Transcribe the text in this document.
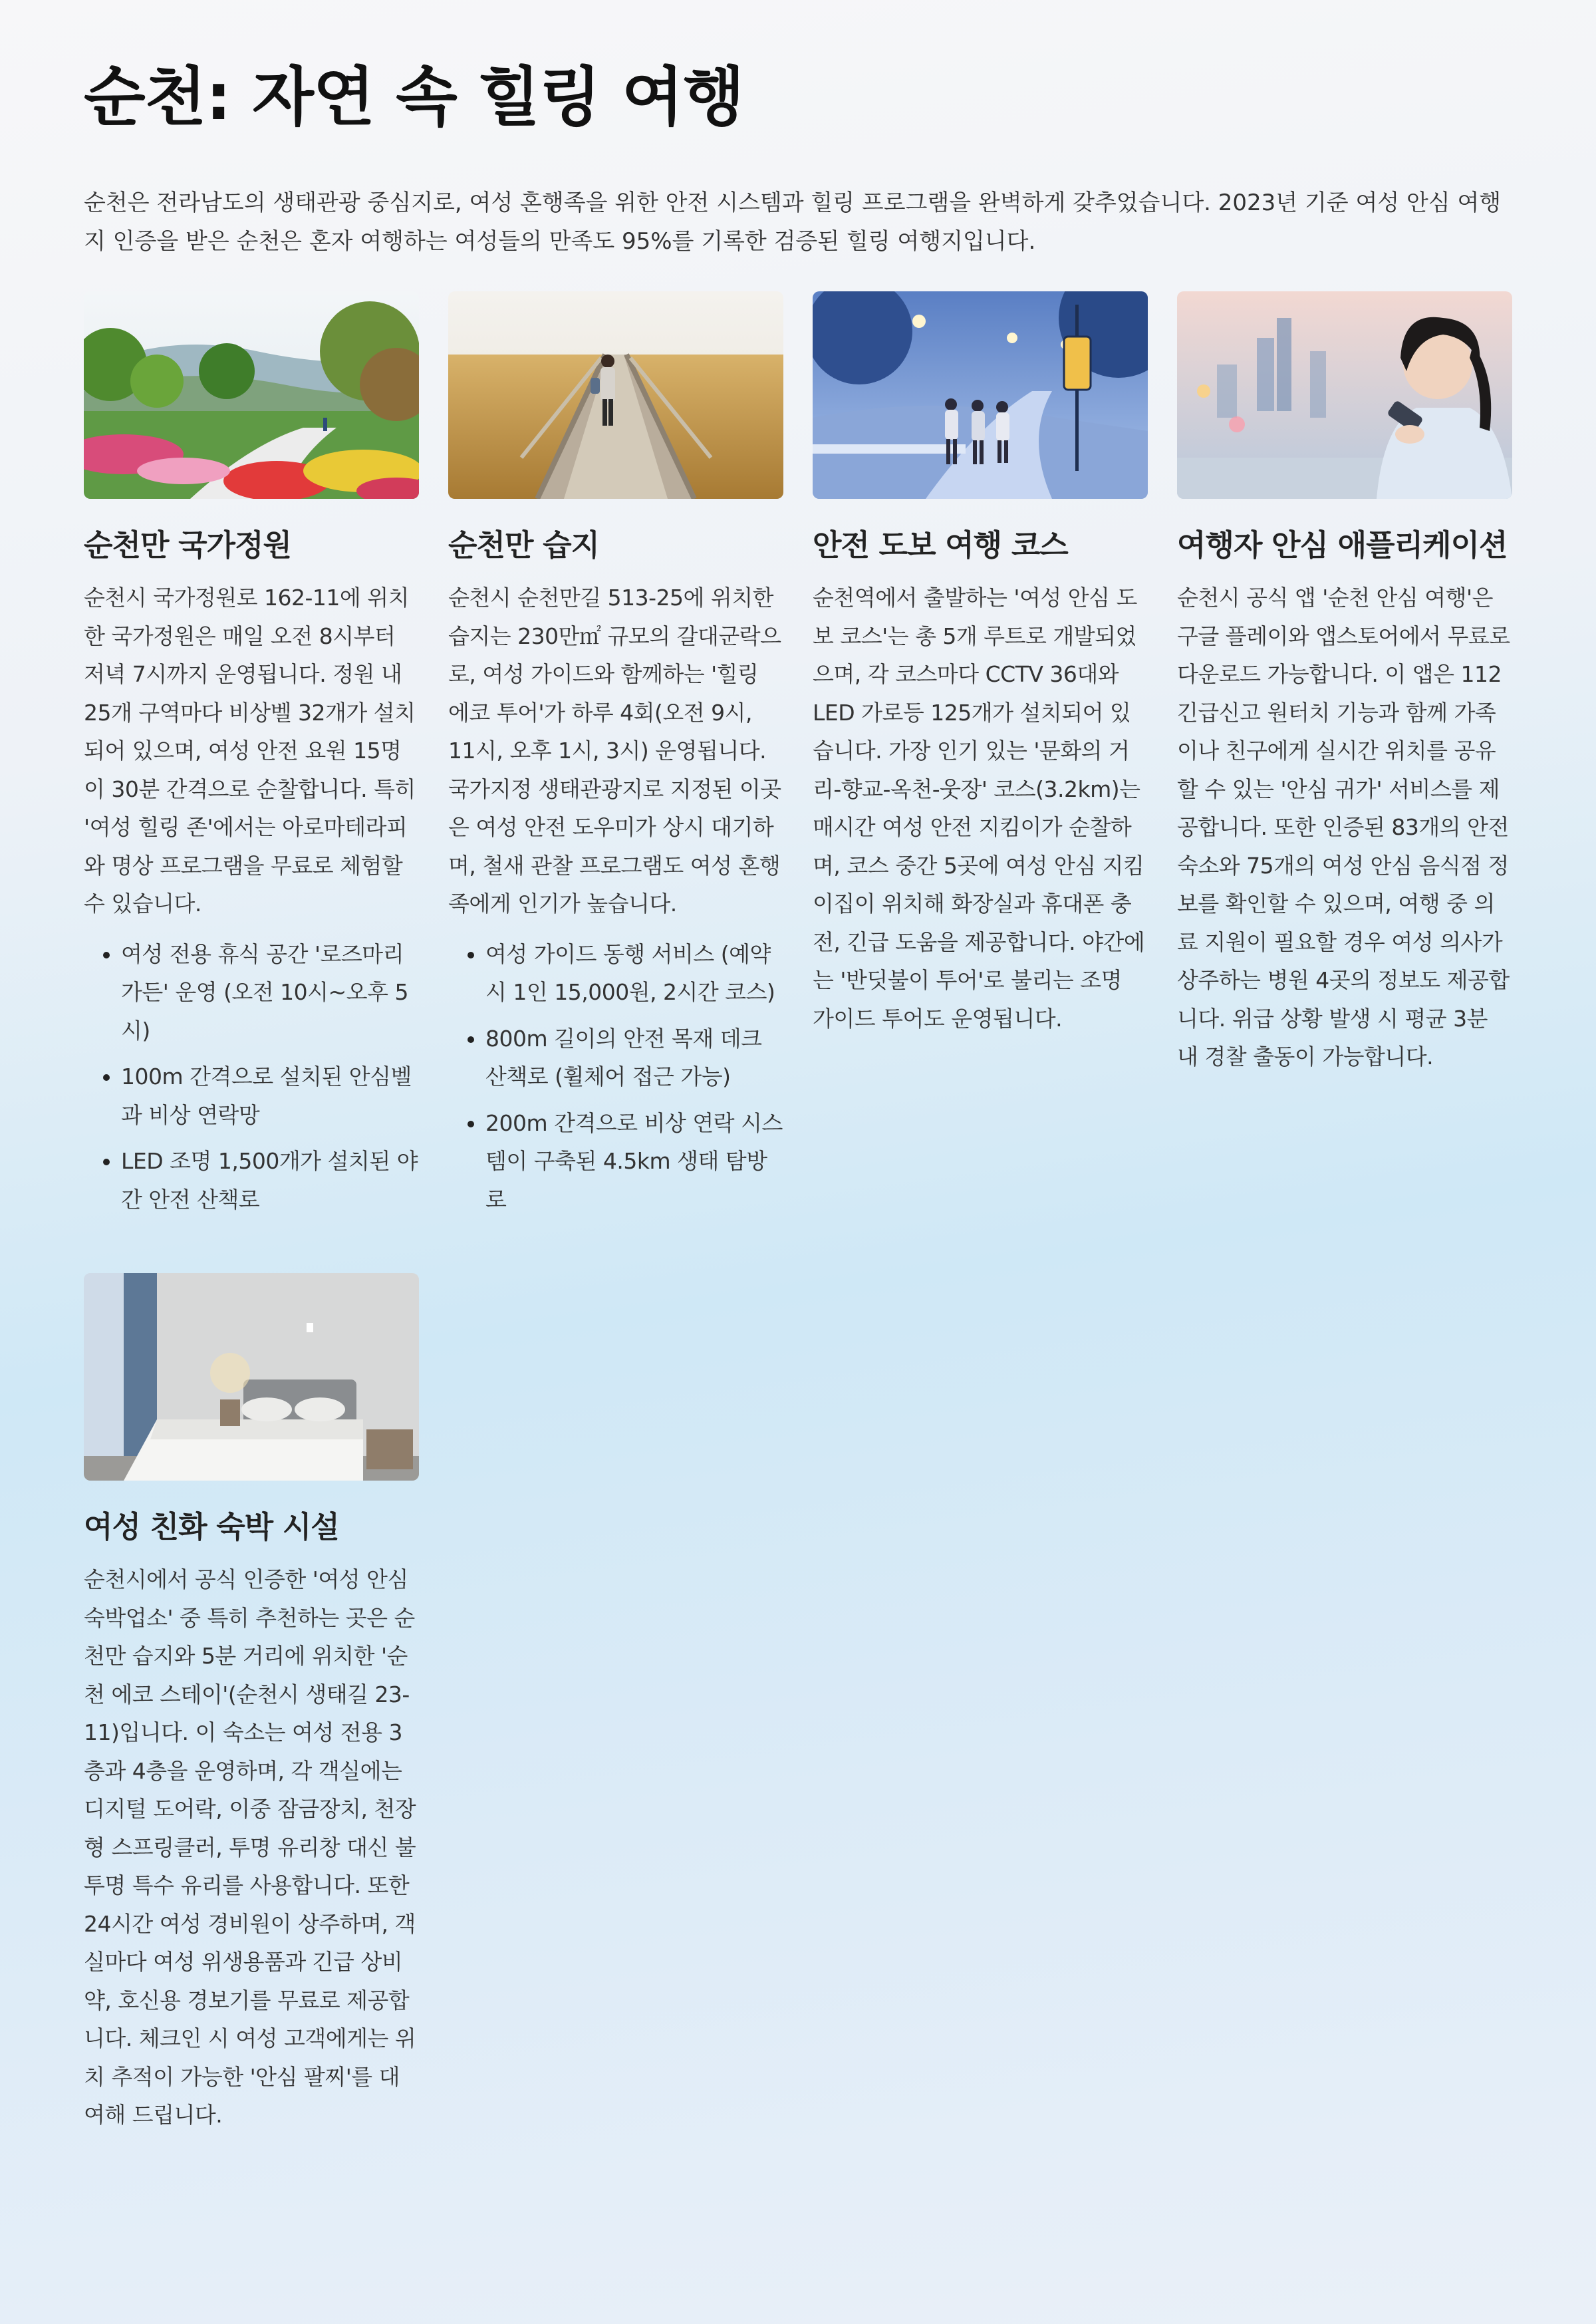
순천: 자연 속 힐링 여행

순천은 전라남도의 생태관광 중심지로, 여성 혼행족을 위한 안전 시스템과 힐링 프로그램을 완벽하게 갖추었습니다. 2023년 기준 여성 안심 여행지 인증을 받은 순천은 혼자 여행하는 여성들의 만족도 95%를 기록한 검증된 힐링 여행지입니다.

순천만 국가정원

순천시 국가정원로 162-11에 위치한 국가정원은 매일 오전 8시부터 저녁 7시까지 운영됩니다. 정원 내 25개 구역마다 비상벨 32개가 설치되어 있으며, 여성 안전 요원 15명이 30분 간격으로 순찰합니다. 특히 '여성 힐링 존'에서는 아로마테라피와 명상 프로그램을 무료로 체험할 수 있습니다.

• 여성 전용 휴식 공간 '로즈마리 가든' 운영 (오전 10시~오후 5시)
• 100m 간격으로 설치된 안심벨과 비상 연락망
• LED 조명 1,500개가 설치된 야간 안전 산책로
순천만 습지

순천시 순천만길 513-25에 위치한 습지는 230만㎡ 규모의 갈대군락으로, 여성 가이드와 함께하는 '힐링 에코 투어'가 하루 4회(오전 9시, 11시, 오후 1시, 3시) 운영됩니다. 국가지정 생태관광지로 지정된 이곳은 여성 안전 도우미가 상시 대기하며, 철새 관찰 프로그램도 여성 혼행족에게 인기가 높습니다.

• 여성 가이드 동행 서비스 (예약 시 1인 15,000원, 2시간 코스)
• 800m 길이의 안전 목재 데크 산책로 (휠체어 접근 가능)
• 200m 간격으로 비상 연락 시스템이 구축된 4.5km 생태 탐방로
안전 도보 여행 코스

순천역에서 출발하는 '여성 안심 도보 코스'는 총 5개 루트로 개발되었으며, 각 코스마다 CCTV 36대와 LED 가로등 125개가 설치되어 있습니다. 가장 인기 있는 '문화의 거리-향교-옥천-웃장' 코스(3.2km)는 매시간 여성 안전 지킴이가 순찰하며, 코스 중간 5곳에 여성 안심 지킴이집이 위치해 화장실과 휴대폰 충전, 긴급 도움을 제공합니다. 야간에는 '반딧불이 투어'로 불리는 조명 가이드 투어도 운영됩니다.

여행자 안심 애플리케이션

순천시 공식 앱 '순천 안심 여행'은 구글 플레이와 앱스토어에서 무료로 다운로드 가능합니다. 이 앱은 112 긴급신고 원터치 기능과 함께 가족이나 친구에게 실시간 위치를 공유할 수 있는 '안심 귀가' 서비스를 제공합니다. 또한 인증된 83개의 안전 숙소와 75개의 여성 안심 음식점 정보를 확인할 수 있으며, 여행 중 의료 지원이 필요할 경우 여성 의사가 상주하는 병원 4곳의 정보도 제공합니다. 위급 상황 발생 시 평균 3분 내 경찰 출동이 가능합니다.

여성 친화 숙박 시설

순천시에서 공식 인증한 '여성 안심 숙박업소' 중 특히 추천하는 곳은 순천만 습지와 5분 거리에 위치한 '순천 에코 스테이'(순천시 생태길 23-11)입니다. 이 숙소는 여성 전용 3층과 4층을 운영하며, 각 객실에는 디지털 도어락, 이중 잠금장치, 천장형 스프링클러, 투명 유리창 대신 불투명 특수 유리를 사용합니다. 또한 24시간 여성 경비원이 상주하며, 객실마다 여성 위생용품과 긴급 상비약, 호신용 경보기를 무료로 제공합니다. 체크인 시 여성 고객에게는 위치 추적이 가능한 '안심 팔찌'를 대여해 드립니다.
